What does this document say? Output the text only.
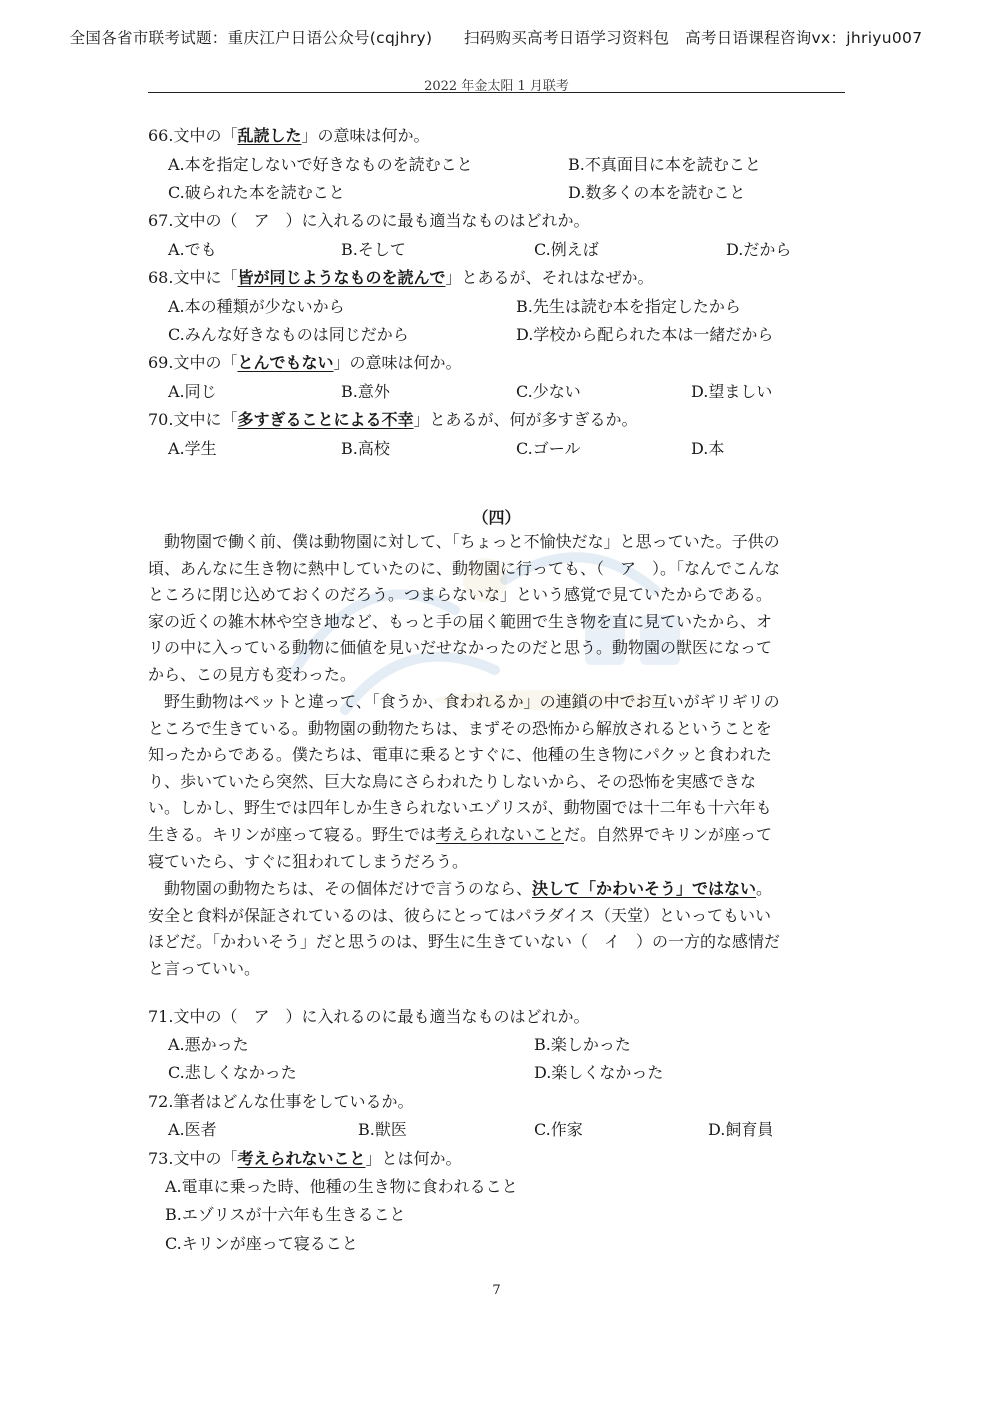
全国各省市联考试题：重庆江户日语公众号(cqjhry)　　扫码购买高考日语学习资料包　高考日语课程咨询vx：jhriyu007
2022 年金太阳 1 月联考
66.文中の「乱読した」の意味は何か。
A.本を指定しないで好きなものを読むこと	B.不真面目に本を読むこと
C.破られた本を読むこと	D.数多くの本を読むこと
67.文中の（　ア　）に入れるのに最も適当なものはどれか。
A.でも	B.そして	C.例えば	D.だから
68.文中に「皆が同じようなものを読んで」とあるが、それはなぜか。
A.本の種類が少ないから	B.先生は読む本を指定したから
C.みんな好きなものは同じだから	D.学校から配られた本は一緒だから
69.文中の「とんでもない」の意味は何か。
A.同じ	B.意外	C.少ない	D.望ましい
70.文中に「多すぎることによる不幸」とあるが、何が多すぎるか。
A.学生	B.高校	C.ゴール	D.本
（四）
　動物園で働く前、僕は動物園に対して、「ちょっと不愉快だな」と思っていた。子供の
頃、あんなに生き物に熱中していたのに、動物園に行っても、（　ア　）。「なんでこんな
ところに閉じ込めておくのだろう。つまらないな」という感覚で見ていたからである。
家の近くの雑木林や空き地など、もっと手の届く範囲で生き物を直に見ていたから、オ
リの中に入っている動物に価値を見いだせなかったのだと思う。動物園の獣医になって
から、この見方も変わった。
　野生動物はペットと違って、「食うか、食われるか」の連鎖の中でお互いがギリギリの
ところで生きている。動物園の動物たちは、まずその恐怖から解放されるということを
知ったからである。僕たちは、電車に乗るとすぐに、他種の生き物にパクッと食われた
り、歩いていたら突然、巨大な鳥にさらわれたりしないから、その恐怖を実感できな
い。しかし、野生では四年しか生きられないエゾリスが、動物園では十二年も十六年も
生きる。キリンが座って寝る。野生では考えられないことだ。自然界でキリンが座って
寝ていたら、すぐに狙われてしまうだろう。
　動物園の動物たちは、その個体だけで言うのなら、決して「かわいそう」ではない。
安全と食料が保証されているのは、彼らにとってはパラダイス（天堂）といってもいい
ほどだ。「かわいそう」だと思うのは、野生に生きていない（　イ　）の一方的な感情だ
と言っていい。
71.文中の（　ア　）に入れるのに最も適当なものはどれか。
A.悪かった	B.楽しかった
C.悲しくなかった	D.楽しくなかった
72.筆者はどんな仕事をしているか。
A.医者	B.獣医	C.作家	D.飼育員
73.文中の「考えられないこと」とは何か。
A.電車に乗った時、他種の生き物に食われること
B.エゾリスが十六年も生きること
C.キリンが座って寝ること
7
